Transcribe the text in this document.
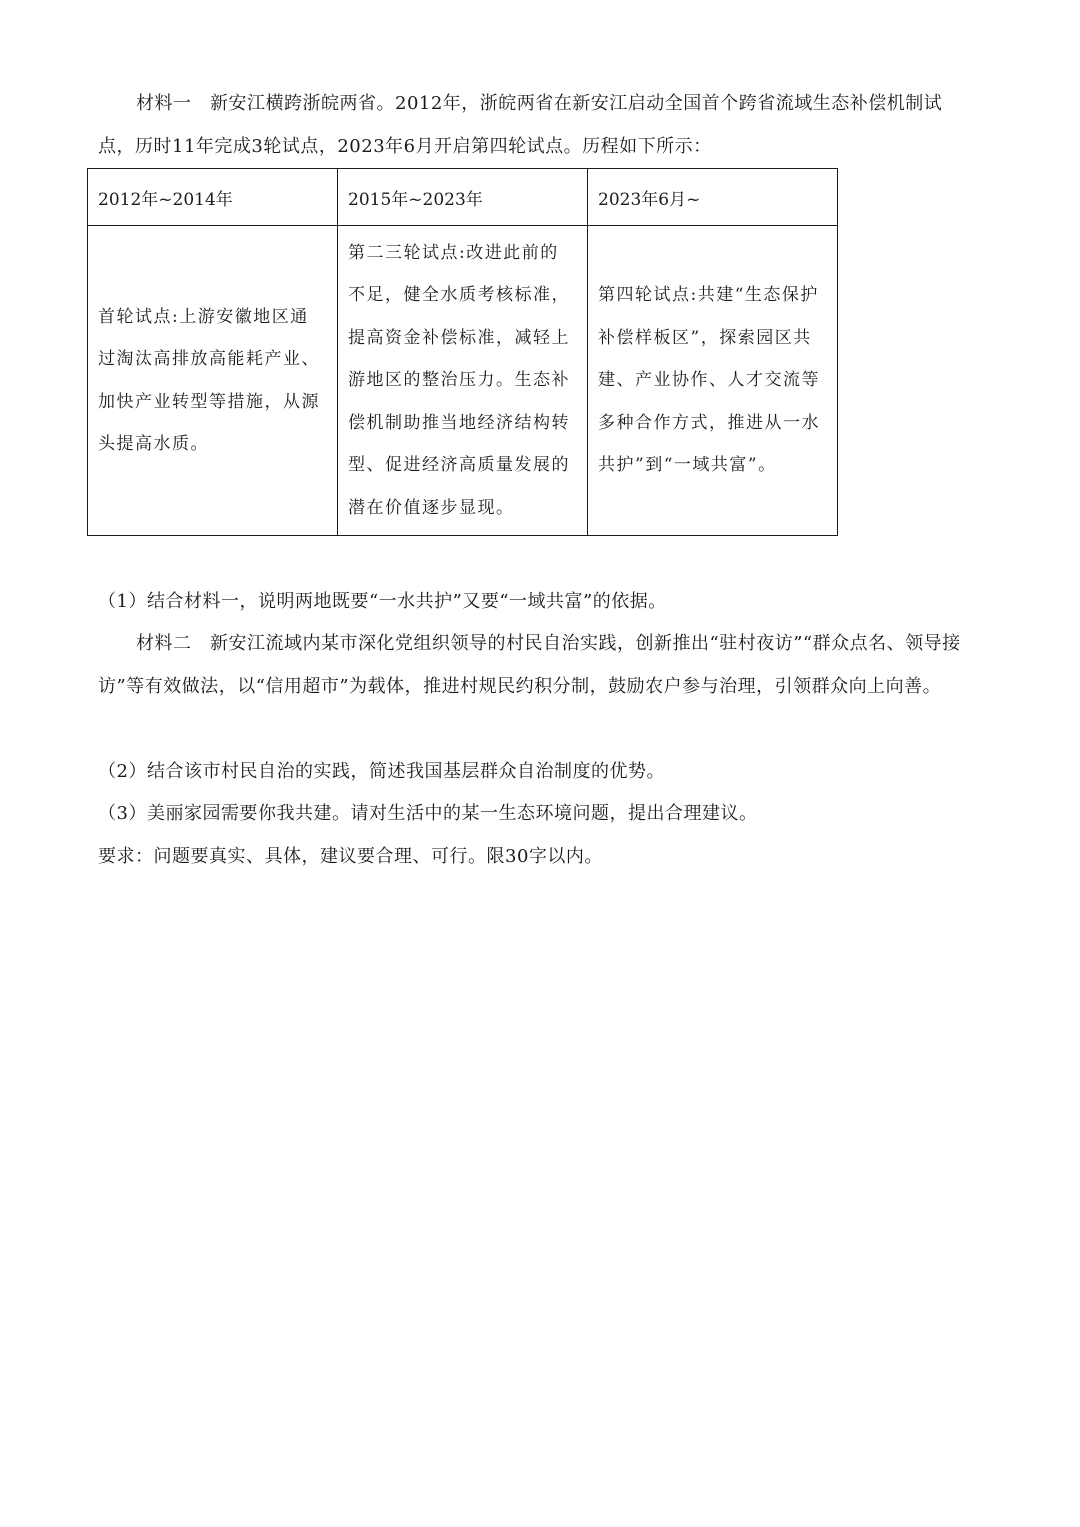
材料一　新安江横跨浙皖两省。2012年，浙皖两省在新安江启动全国首个跨省流域生态补偿机制试点，历时11年完成3轮试点，2023年6月开启第四轮试点。历程如下所示：

2012年~2014年	2015年~2023年	2023年6月~

首轮试点:上游安徽地区通过淘汰高排放高能耗产业、加快产业转型等措施，从源头提高水质。	第二三轮试点:改进此前的不足，健全水质考核标准，提高资金补偿标准，减轻上游地区的整治压力。生态补偿机制助推当地经济结构转型、促进经济高质量发展的潜在价值逐步显现。	第四轮试点:共建“生态保护补偿样板区”，探索园区共建、产业协作、人才交流等多种合作方式，推进从一水共护”到“一域共富”。

（1）结合材料一，说明两地既要“一水共护”又要“一域共富”的依据。

材料二　新安江流域内某市深化党组织领导的村民自治实践，创新推出“驻村夜访”“群众点名、领导接访”等有效做法，以“信用超市”为载体，推进村规民约积分制，鼓励农户参与治理，引领群众向上向善。

（2）结合该市村民自治的实践，简述我国基层群众自治制度的优势。

（3）美丽家园需要你我共建。请对生活中的某一生态环境问题，提出合理建议。

要求：问题要真实、具体，建议要合理、可行。限30字以内。
